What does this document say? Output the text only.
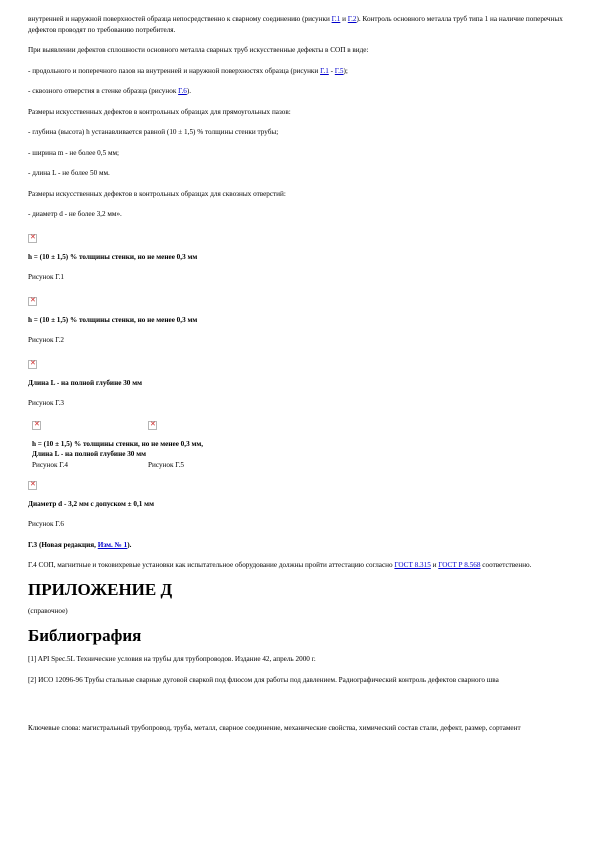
внутренней и наружной поверхностей образца непосредственно к сварному соединению (рисунки Г.1 и Г.2). Контроль основного металла труб типа 1 на наличие поперечных дефектов проводят по требованию потребителя.

При выявлении дефектов сплошности основного металла сварных труб искусственные дефекты в СОП в виде:

- продольного и поперечного пазов на внутренней и наружной поверхностях образца (рисунки Г.1 - Г.5);

- сквозного отверстия в стенке образца (рисунок Г.6).

Размеры искусственных дефектов в контрольных образцах для прямоугольных пазов:

- глубина (высота) h устанавливается равной (10 ± 1,5) % толщины стенки трубы;

- ширина m - не более 0,5 мм;

- длина L - не более 50 мм.

Размеры искусственных дефектов в контрольных образцах для сквозных отверстий:

- диаметр d - не более 3,2 мм».

✕

h = (10 ± 1,5) % толщины стенки, но не менее 0,3 мм

Рисунок Г.1

✕

h = (10 ± 1,5) % толщины стенки, но не менее 0,3 мм

Рисунок Г.2

✕

Длина L - на полной глубине 30 мм

Рисунок Г.3

✕

h = (10 ± 1,5) % толщины стенки, но не менее 0,3 мм,

Длина L - на полной глубине 30 мм

Рисунок Г.4

✕	Рисунок Г.5

✕

Диаметр d - 3,2 мм с допуском ± 0,1 мм

Рисунок Г.6

Г.3 (Новая редакция, Изм. № 1).

Г.4 СОП, магнитные и токовихревые установки как испытательное оборудование должны пройти аттестацию согласно ГОСТ 8.315 и ГОСТ Р 8.568 соответственно.

ПРИЛОЖЕНИЕ Д

(справочное)

Библиография

[1] API Spec.5L Технические условия на трубы для трубопроводов. Издание 42, апрель 2000 г.

[2] ИСО 12096-96 Трубы стальные сварные дуговой сваркой под флюсом для работы под давлением. Радиографический контроль дефектов сварного шва

Ключевые слова: магистральный трубопровод, труба, металл, сварное соединение, механические свойства, химический состав стали, дефект, размер, сортамент
